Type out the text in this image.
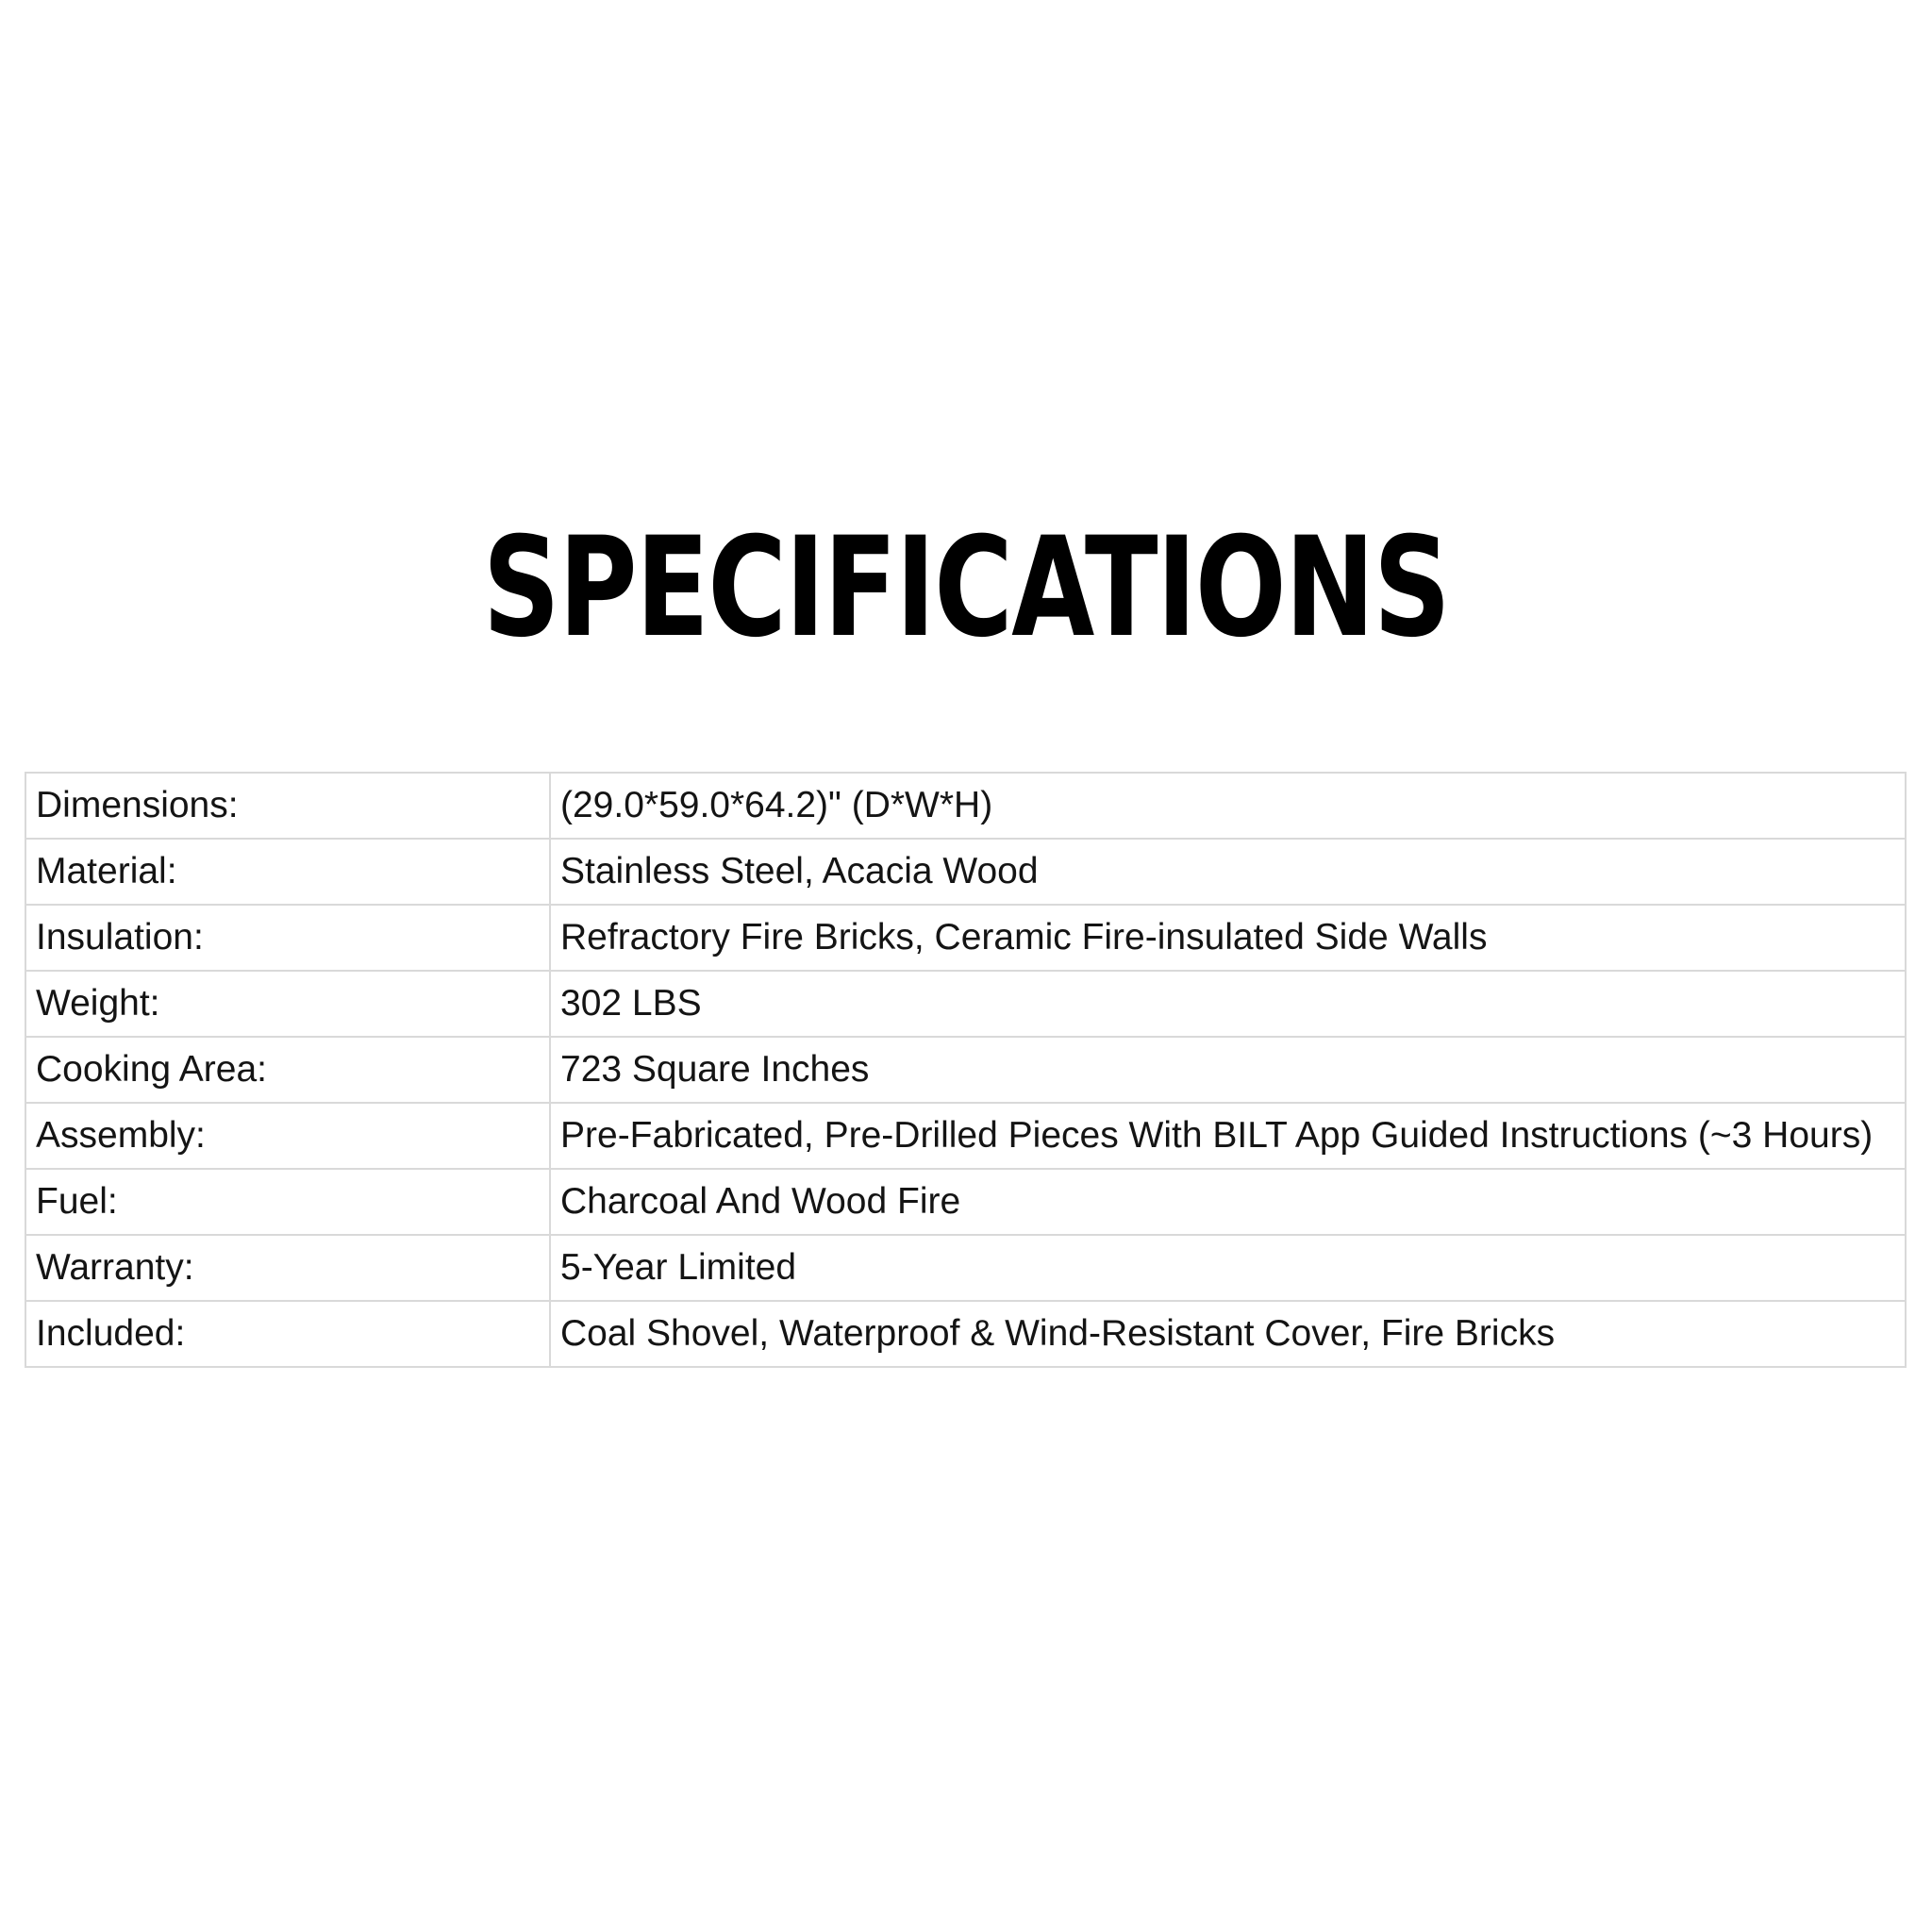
SPECIFICATIONS
Dimensions:	(29.0*59.0*64.2)" (D*W*H)
Material:	Stainless Steel, Acacia Wood
Insulation:	Refractory Fire Bricks, Ceramic Fire-insulated Side Walls
Weight:	302 LBS
Cooking Area:	723 Square Inches
Assembly:	Pre-Fabricated, Pre-Drilled Pieces With BILT App Guided Instructions (~3 Hours)
Fuel:	Charcoal And Wood Fire
Warranty:	5-Year Limited
Included:	Coal Shovel, Waterproof & Wind-Resistant Cover, Fire Bricks
